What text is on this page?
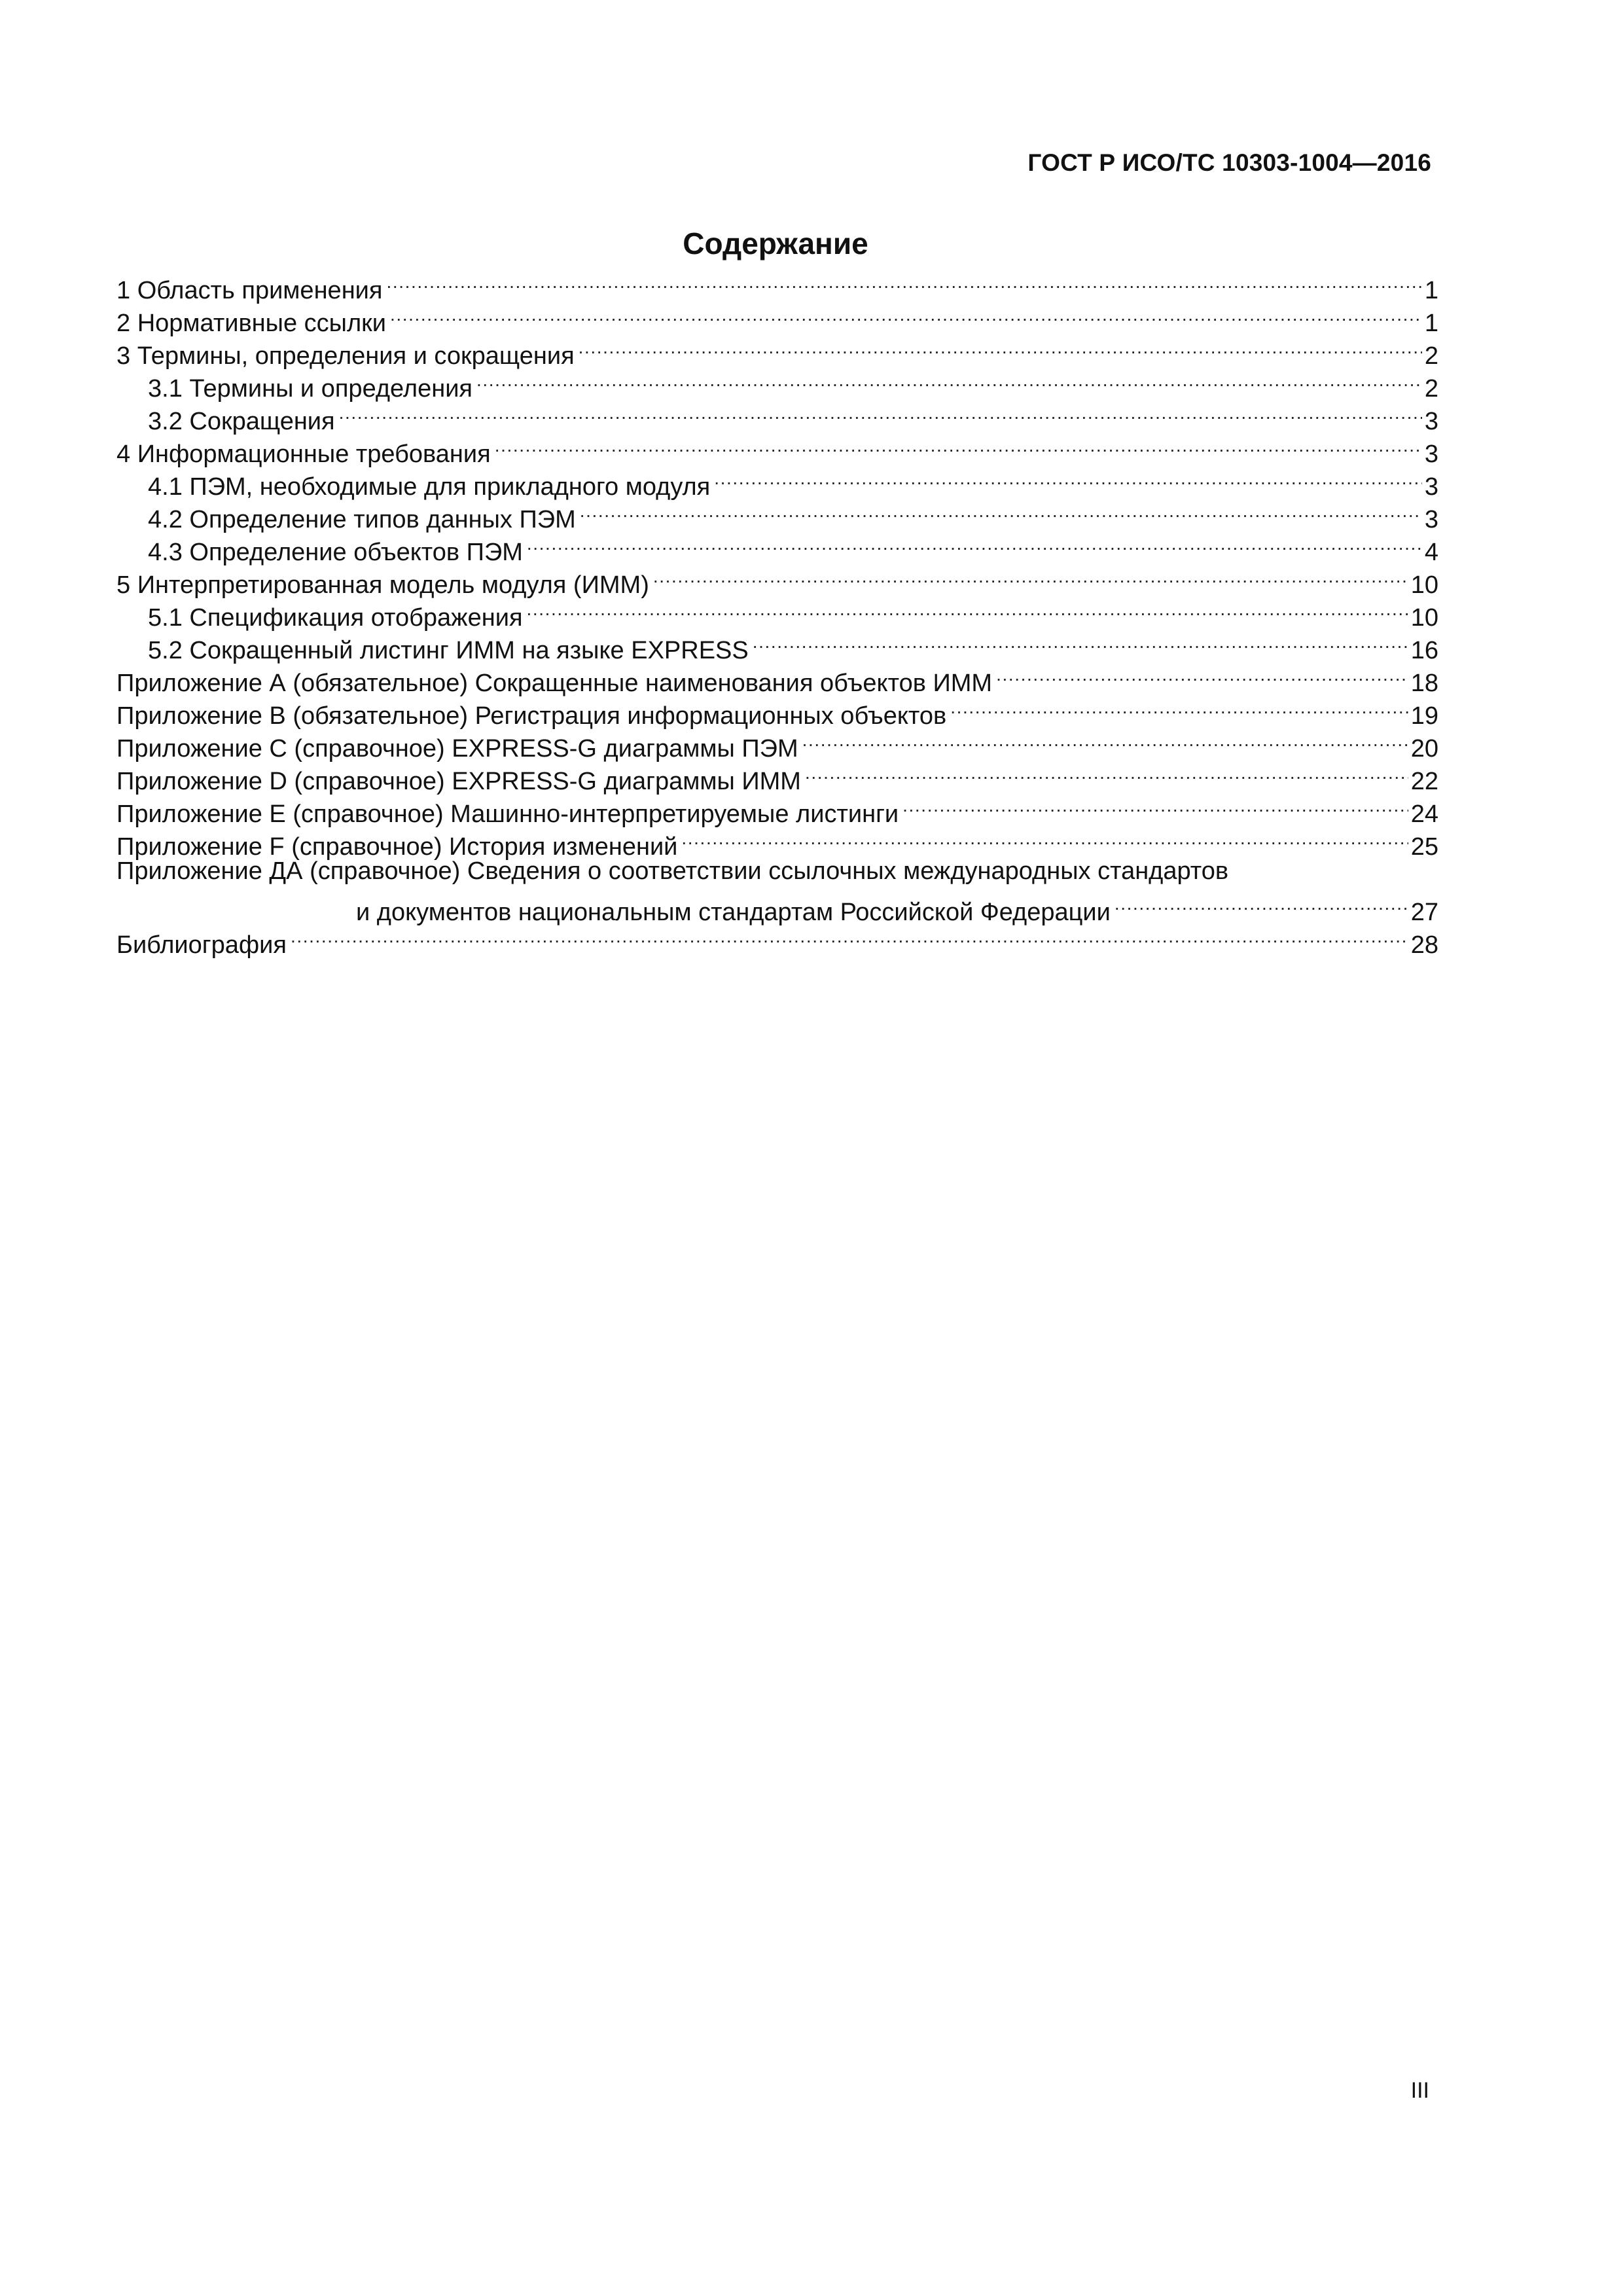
ГОСТ Р ИСО/ТС 10303-1004—2016
Содержание
1 Область применения .....	1
2 Нормативные ссылки .....	1
3 Термины, определения и сокращения .....	2
3.1 Термины и определения .....	2
3.2 Сокращения .....	3
4 Информационные требования .....	3
4.1 ПЭМ, необходимые для прикладного модуля .....	3
4.2 Определение типов данных ПЭМ .....	3
4.3 Определение объектов ПЭМ .....	4
5 Интерпретированная модель модуля (ИММ) .....	10
5.1 Спецификация отображения .....	10
5.2 Сокращенный листинг ИММ на языке EXPRESS .....	16
Приложение А (обязательное) Сокращенные наименования объектов ИММ .....	18
Приложение В (обязательное) Регистрация информационных объектов .....	19
Приложение С (справочное) EXPRESS-G диаграммы ПЭМ .....	20
Приложение D (справочное) EXPRESS-G диаграммы ИММ .....	22
Приложение Е (справочное) Машинно-интерпретируемые листинги .....	24
Приложение F (справочное) История изменений .....	25
Приложение ДА (справочное) Сведения о соответствии ссылочных международных стандартов
и документов национальным стандартам Российской Федерации .....	27
Библиография .....	28
III
